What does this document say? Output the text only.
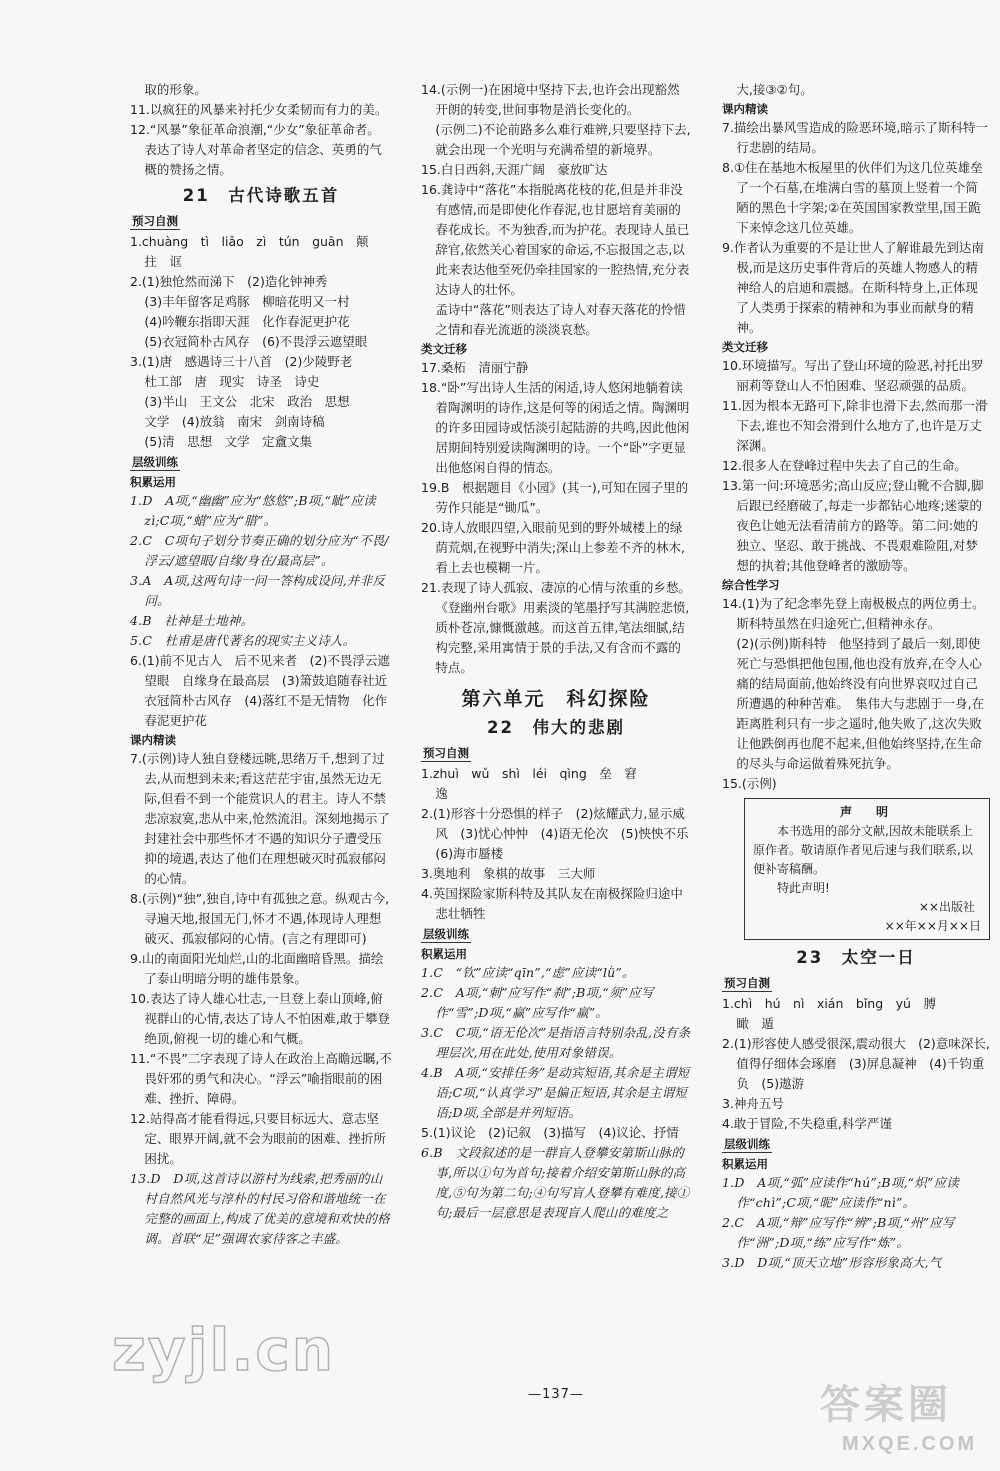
取的形象。

11.以疯狂的风暴来衬托少女柔韧而有力的美。

12.“风暴”象征革命浪潮,“少女”象征革命者。表达了诗人对革命者坚定的信念、英勇的气概的赞扬之情。

21　古代诗歌五首
预习自测

1.chuàng　tì　liǎo　zì　tún　guān　颠

拄　诓

2.(1)独怆然而涕下　(2)造化钟神秀

(3)丰年留客足鸡豚　柳暗花明又一村

(4)吟鞭东指即天涯　化作春泥更护花

(5)衣冠简朴古风存　(6)不畏浮云遮望眼

3.(1)唐　感遇诗三十八首　(2)少陵野老

杜工部　唐　现实　诗圣　诗史

(3)半山　王文公　北宋　政治　思想

文学　(4)放翁　南宋　剑南诗稿

(5)清　思想　文学　定盦文集

层级训练

积累运用

1.D　A项,“幽幽”应为“悠悠”;B项,“眦”应读zì;C项,“蜡”应为“腊”。

2.C　C项句子划分节奏正确的划分应为“不畏/浮云/遮望眼/自缘/身在/最高层”。

3.A　A项,这两句诗一问一答构成设问,并非反问。

4.B　社神是土地神。

5.C　杜甫是唐代著名的现实主义诗人。

6.(1)前不见古人　后不见来者　(2)不畏浮云遮望眼　自缘身在最高层　(3)箫鼓追随春社近　衣冠简朴古风存　(4)落红不是无情物　化作春泥更护花

课内精读

7.(示例)诗人独自登楼远眺,思绪万千,想到了过去,从而想到未来;看这茫茫宇宙,虽然无边无际,但看不到一个能赏识人的君主。诗人不禁悲凉寂寞,悲从中来,怆然流泪。深刻地揭示了封建社会中那些怀才不遇的知识分子遭受压抑的境遇,表达了他们在理想破灭时孤寂郁闷的心情。

8.(示例)“独”,独自,诗中有孤独之意。纵观古今,寻遍天地,报国无门,怀才不遇,体现诗人理想破灭、孤寂郁闷的心情。(言之有理即可)

9.山的南面阳光灿烂,山的北面幽暗昏黑。描绘了泰山明暗分明的雄伟景象。

10.表达了诗人雄心壮志,一旦登上泰山顶峰,俯视群山的心情,表达了诗人不怕困难,敢于攀登绝顶,俯视一切的雄心和气概。

11.“不畏”二字表现了诗人在政治上高瞻远瞩,不畏奸邪的勇气和决心。“浮云”喻指眼前的困难、挫折、障碍。

12.站得高才能看得远,只要目标远大、意志坚定、眼界开阔,就不会为眼前的困难、挫折所困扰。

13.D　D项,这首诗以游村为线索,把秀丽的山村自然风光与淳朴的村民习俗和谐地统一在完整的画面上,构成了优美的意境和欢快的格调。首联“足”强调农家待客之丰盛。

14.(示例一)在困境中坚持下去,也许会出现豁然开朗的转变,世间事物是消长变化的。

(示例二)不论前路多么难行难辨,只要坚持下去,就会出现一个光明与充满希望的新境界。

15.白日西斜,天涯广阔　豪放旷达

16.龚诗中“落花”本指脱离花枝的花,但是并非没有感情,而是即使化作春泥,也甘愿培育美丽的春花成长。不为独香,而为护花。表现诗人虽已辞官,依然关心着国家的命运,不忘报国之志,以此来表达他至死仍牵挂国家的一腔热情,充分表达诗人的壮怀。

孟诗中“落花”则表达了诗人对春天落花的怜惜之情和春光流逝的淡淡哀愁。

类文迁移

17.桑柘　清丽宁静

18.“卧”写出诗人生活的闲适,诗人悠闲地躺着读着陶渊明的诗作,这是何等的闲适之情。陶渊明的许多田园诗或恬淡引起陆游的共鸣,因此他闲居期间特别爱读陶渊明的诗。一个“卧”字更显出他悠闲自得的情态。

19.B　根据题目《小园》(其一),可知在园子里的劳作只能是“锄瓜”。

20.诗人放眼四望,入眼前见到的野外城楼上的绿荫荒烟,在视野中消失;深山上参差不齐的林木,看上去也模糊一片。

21.表现了诗人孤寂、凄凉的心情与浓重的乡愁。《登幽州台歌》用素淡的笔墨抒写其满腔悲愤,质朴苍凉,慷慨激越。而这首五律,笔法细腻,结构完整,采用寓情于景的手法,又有含而不露的特点。

第六单元　科幻探险
22　伟大的悲剧
预习自测

1.zhuì　wǔ　shì　léi　qìng　垒　窘

逸

2.(1)形容十分恐惧的样子　(2)炫耀武力,显示威风　(3)忧心忡忡　(4)语无伦次　(5)怏怏不乐　(6)海市蜃楼

3.奥地利　象棋的故事　三大师

4.英国探险家斯科特及其队友在南极探险归途中悲壮牺牲

层级训练

积累运用

1.C　“钦”应读“qīn”,“虑”应读“lǜ”。

2.C　A项,“刺”应写作“刹”;B项,“须”应写作“雪”;D项,“赢”应写作“羸”。

3.C　C项,“语无伦次”是指语言特别杂乱,没有条理层次,用在此处,使用对象错误。

4.B　A项,“安排任务”是动宾短语,其余是主谓短语;C项,“认真学习”是偏正短语,其余是主谓短语;D项,全部是并列短语。

5.(1)议论　(2)记叙　(3)描写　(4)议论、抒情

6.B　文段叙述的是一群盲人登攀安第斯山脉的事,所以①句为首句;接着介绍安第斯山脉的高度,⑤句为第二句;④句写盲人登攀有难度,接①句;最后一层意思是表现盲人爬山的难度之

大,接③②句。

课内精读

7.描绘出暴风雪造成的险恶环境,暗示了斯科特一行悲剧的结局。

8.①住在基地木板屋里的伙伴们为这几位英雄垒了一个石墓,在堆满白雪的墓顶上竖着一个简陋的黑色十字架;②在英国国家教堂里,国王跪下来悼念这几位英雄。

9.作者认为重要的不是让世人了解谁最先到达南极,而是这历史事件背后的英雄人物感人的精神给人的启迪和震撼。在斯科特身上,正体现了人类勇于探索的精神和为事业而献身的精神。

类文迁移

10.环境描写。写出了登山环境的险恶,衬托出罗丽莉等登山人不怕困难、坚忍顽强的品质。

11.因为根本无路可下,除非也滑下去,然而那一滑下去,谁也不知会滑到什么地方了,也许是万丈深渊。

12.很多人在登峰过程中失去了自己的生命。

13.第一问:环境恶劣;高山反应;登山靴不合脚,脚后跟已经磨破了,每走一步都钻心地疼;迷蒙的夜色让她无法看清前方的路等。第二问:她的独立、坚忍、敢于挑战、不畏艰难险阻,对梦想的执着;其他登峰者的激励等。

综合性学习

14.(1)为了纪念率先登上南极极点的两位勇士。斯科特虽然在归途死亡,但精神永存。

(2)(示例)斯科特　他坚持到了最后一刻,即使死亡与恐惧把他包围,他也没有放弃,在令人心痛的结局面前,他始终没有向世界哀叹过自己所遭遇的种种苦难。　集伟大与悲剧于一身,在距离胜利只有一步之遥时,他失败了,这次失败让他跌倒再也爬不起来,但他始终坚持,在生命的尽头与命运做着殊死抗争。

15.(示例)

声　明
本书选用的部分文献,因故未能联系上原作者。敬请原作者见后速与我们联系,以便补寄稿酬。
特此声明!
××出版社
××年××月××日
23　太空一日
预习自测

1.chì　hú　nì　xián　bǐng　yú　膊

瞰　遁

2.(1)形容使人感受很深,震动很大　(2)意味深长,值得仔细体会琢磨　(3)屏息凝神　(4)千钧重负　(5)遨游

3.神舟五号

4.敢于冒险,不失稳重,科学严谨

层级训练

积累运用

1.D　A项,“弧”应读作“hú”;B项,“炽”应读作“chì”;C项,“昵”应读作“nì”。

2.C　A项,“辩”应写作“辨”;B项,“州”应写作“洲”;D项,“练”应写作“炼”。

3.D　D项,“顶天立地”形容形象高大,气

—137—
zyjl.cn
答案圈
MXQE.COM
